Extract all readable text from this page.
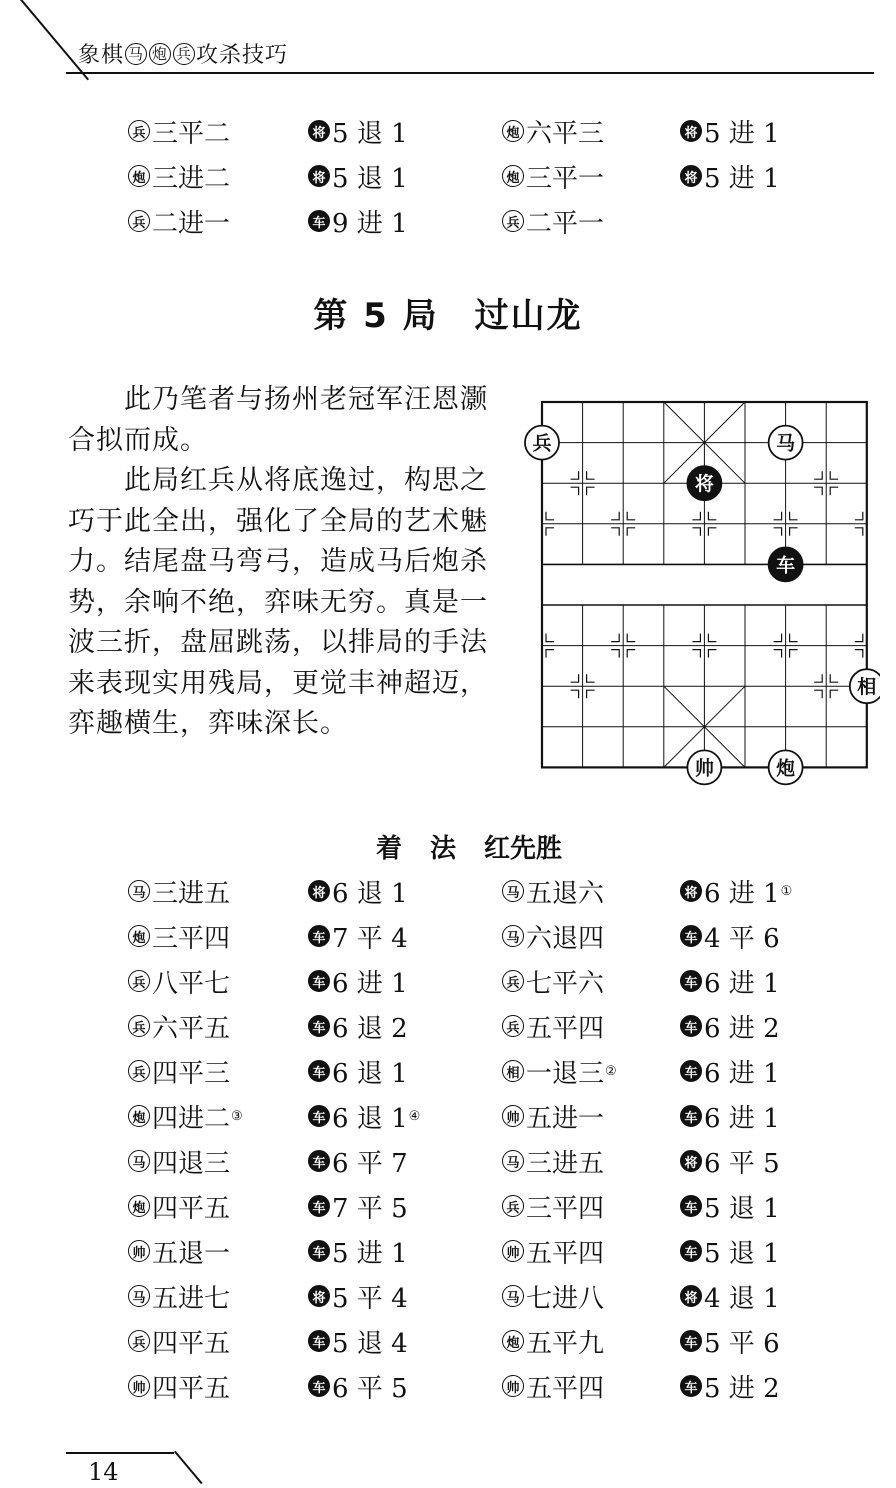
象棋 马 炮 兵 攻杀技巧
兵 三平二	将 5 退 1	炮 六平三	将 5 进 1
炮 三进二	将 5 退 1	炮 三平一	将 5 进 1
兵 二进一	车 9 进 1	兵 二平一
第 5 局　过山龙
此乃笔者与扬州老冠军汪恩灏合拟而成。
此局红兵从将底逸过，构思之巧于此全出，强化了全局的艺术魅力。结尾盘马弯弓，造成马后炮杀势，余响不绝，弈味无穷。真是一波三折，盘屈跳荡，以排局的手法来表现实用残局，更觉丰神超迈，弈趣横生，弈味深长。
兵	马
将
车
相
帅	炮
着 法 红先胜
马 三进五	将 6 退 1	马 五退六	将 6 进 1 ①
炮 三平四	车 7 平 4	马 六退四	车 4 平 6
兵 八平七	车 6 进 1	兵 七平六	车 6 进 1
兵 六平五	车 6 退 2	兵 五平四	车 6 进 2
兵 四平三	车 6 退 1	相 一退三 ②	车 6 进 1
炮 四进二 ③	车 6 退 1 ④	帅 五进一	车 6 进 1
马 四退三	车 6 平 7	马 三进五	将 6 平 5
炮 四平五	车 7 平 5	兵 三平四	车 5 退 1
帅 五退一	车 5 进 1	帅 五平四	车 5 退 1
马 五进七	将 5 平 4	马 七进八	将 4 退 1
兵 四平五	车 5 退 4	炮 五平九	车 5 平 6
帅 四平五	车 6 平 5	帅 五平四	车 5 进 2
14
